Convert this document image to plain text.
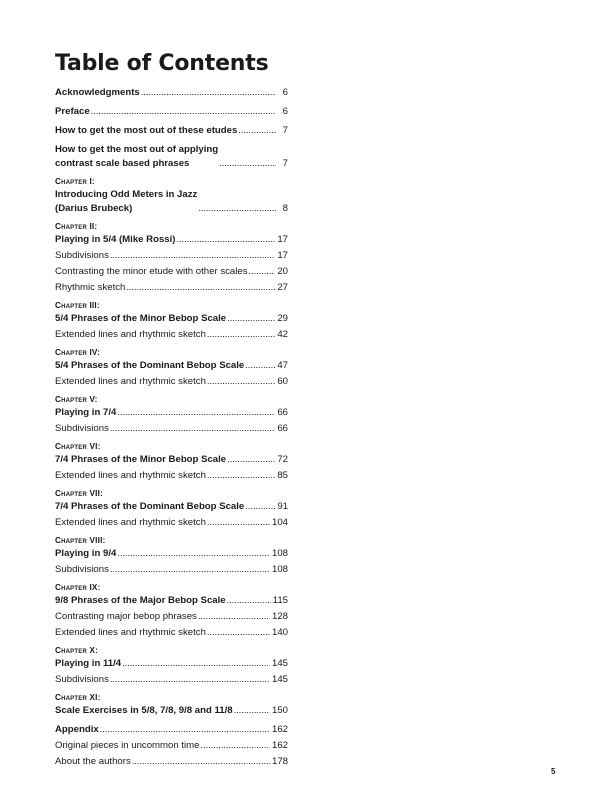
Table of Contents
Acknowledgments . . .	6
Preface . . .	6
How to get the most out of these etudes . . .	7
How to get the most out of applying
contrast scale based phrases . . .	7
Chapter I:
Introducing Odd Meters in Jazz
(Darius Brubeck) . . .	8
Chapter II:
Playing in 5/4 (Mike Rossi) . . .	17
Subdivisions . . .	17
Contrasting the minor etude with other scales . . .	20
Rhythmic sketch . . .	27
Chapter III:
5/4 Phrases of the Minor Bebop Scale . . .	29
Extended lines and rhythmic sketch . . .	42
Chapter IV:
5/4 Phrases of the Dominant Bebop Scale . . .	47
Extended lines and rhythmic sketch . . .	60
Chapter V:
Playing in 7/4 . . .	66
Subdivisions . . .	66
Chapter VI:
7/4 Phrases of the Minor Bebop Scale . . .	72
Extended lines and rhythmic sketch . . .	85
Chapter VII:
7/4 Phrases of the Dominant Bebop Scale . . .	91
Extended lines and rhythmic sketch . . .	104
Chapter VIII:
Playing in 9/4 . . .	108
Subdivisions . . .	108
Chapter IX:
9/8 Phrases of the Major Bebop Scale . . .	115
Contrasting major bebop phrases . . .	128
Extended lines and rhythmic sketch . . .	140
Chapter X:
Playing in 11/4 . . .	145
Subdivisions . . .	145
Chapter XI:
Scale Exercises in 5/8, 7/8, 9/8 and 11/8 . . .	150
Appendix . . .	162
Original pieces in uncommon time . . .	162
About the authors . . .	178
5
